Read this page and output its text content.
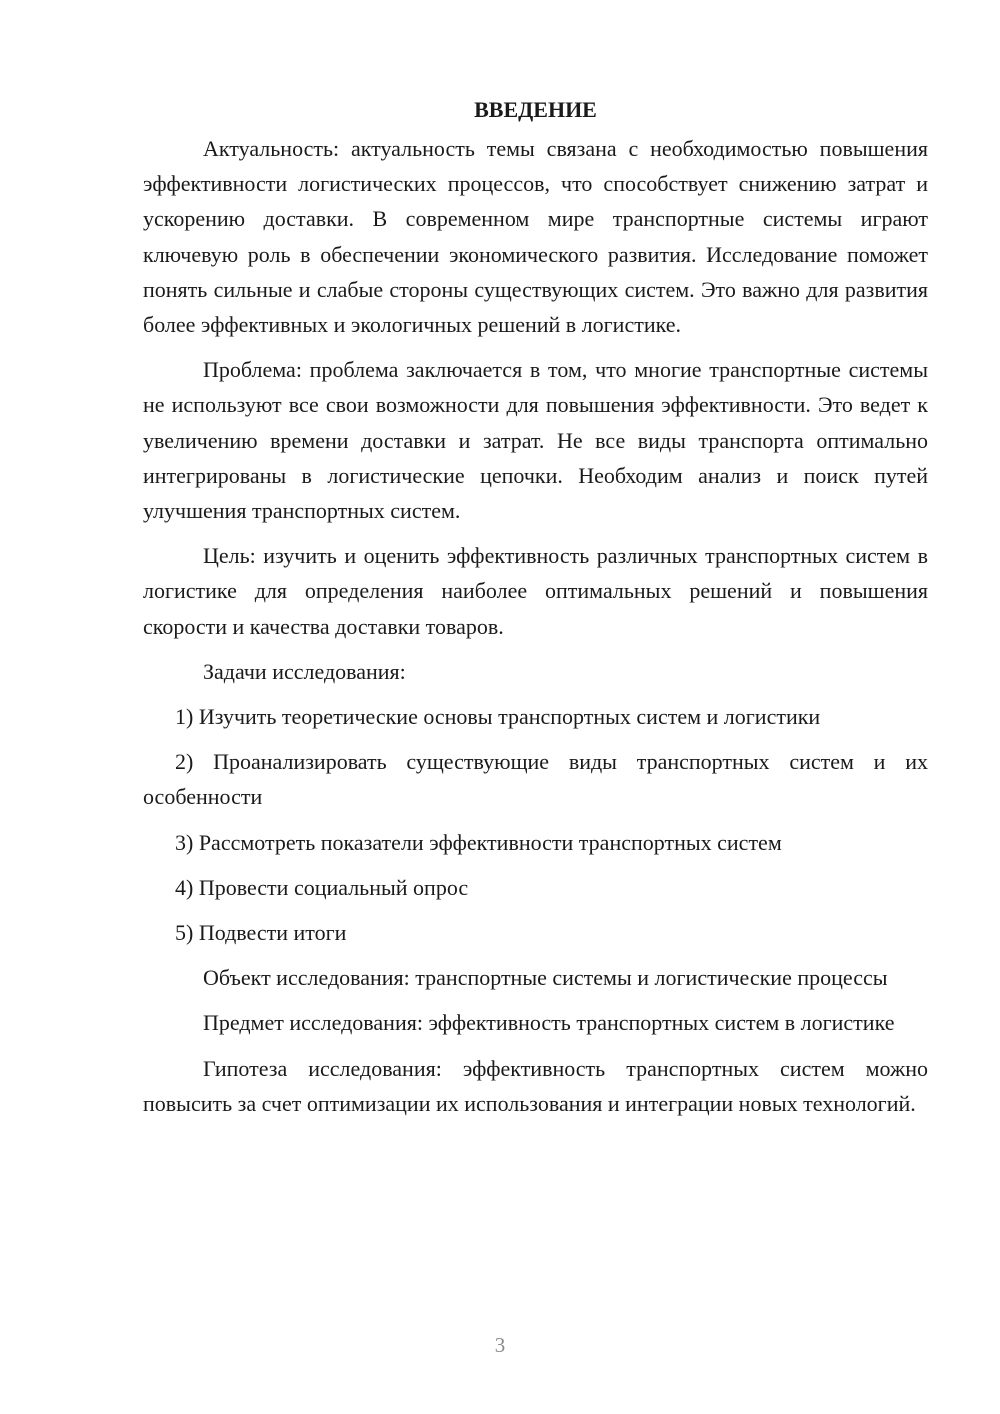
ВВЕДЕНИЕ

Актуальность: актуальность темы связана с необходимостью повышения эффективности логистических процессов, что способствует снижению затрат и ускорению доставки. В современном мире транспортные системы играют ключевую роль в обеспечении экономического развития. Исследование поможет понять сильные и слабые стороны существующих систем. Это важно для развития более эффективных и экологичных решений в логистике.

Проблема: проблема заключается в том, что многие транспортные системы не используют все свои возможности для повышения эффективности. Это ведет к увеличению времени доставки и затрат. Не все виды транспорта оптимально интегрированы в логистические цепочки. Необходим анализ и поиск путей улучшения транспортных систем.

Цель: изучить и оценить эффективность различных транспортных систем в логистике для определения наиболее оптимальных решений и повышения скорости и качества доставки товаров.

Задачи исследования:

1) Изучить теоретические основы транспортных систем и логистики

2) Проанализировать существующие виды транспортных систем и их особенности

3) Рассмотреть показатели эффективности транспортных систем

4) Провести социальный опрос

5) Подвести итоги

Объект исследования: транспортные системы и логистические процессы

Предмет исследования: эффективность транспортных систем в логистике

Гипотеза исследования: эффективность транспортных систем можно повысить за счет оптимизации их использования и интеграции новых технологий.

3
